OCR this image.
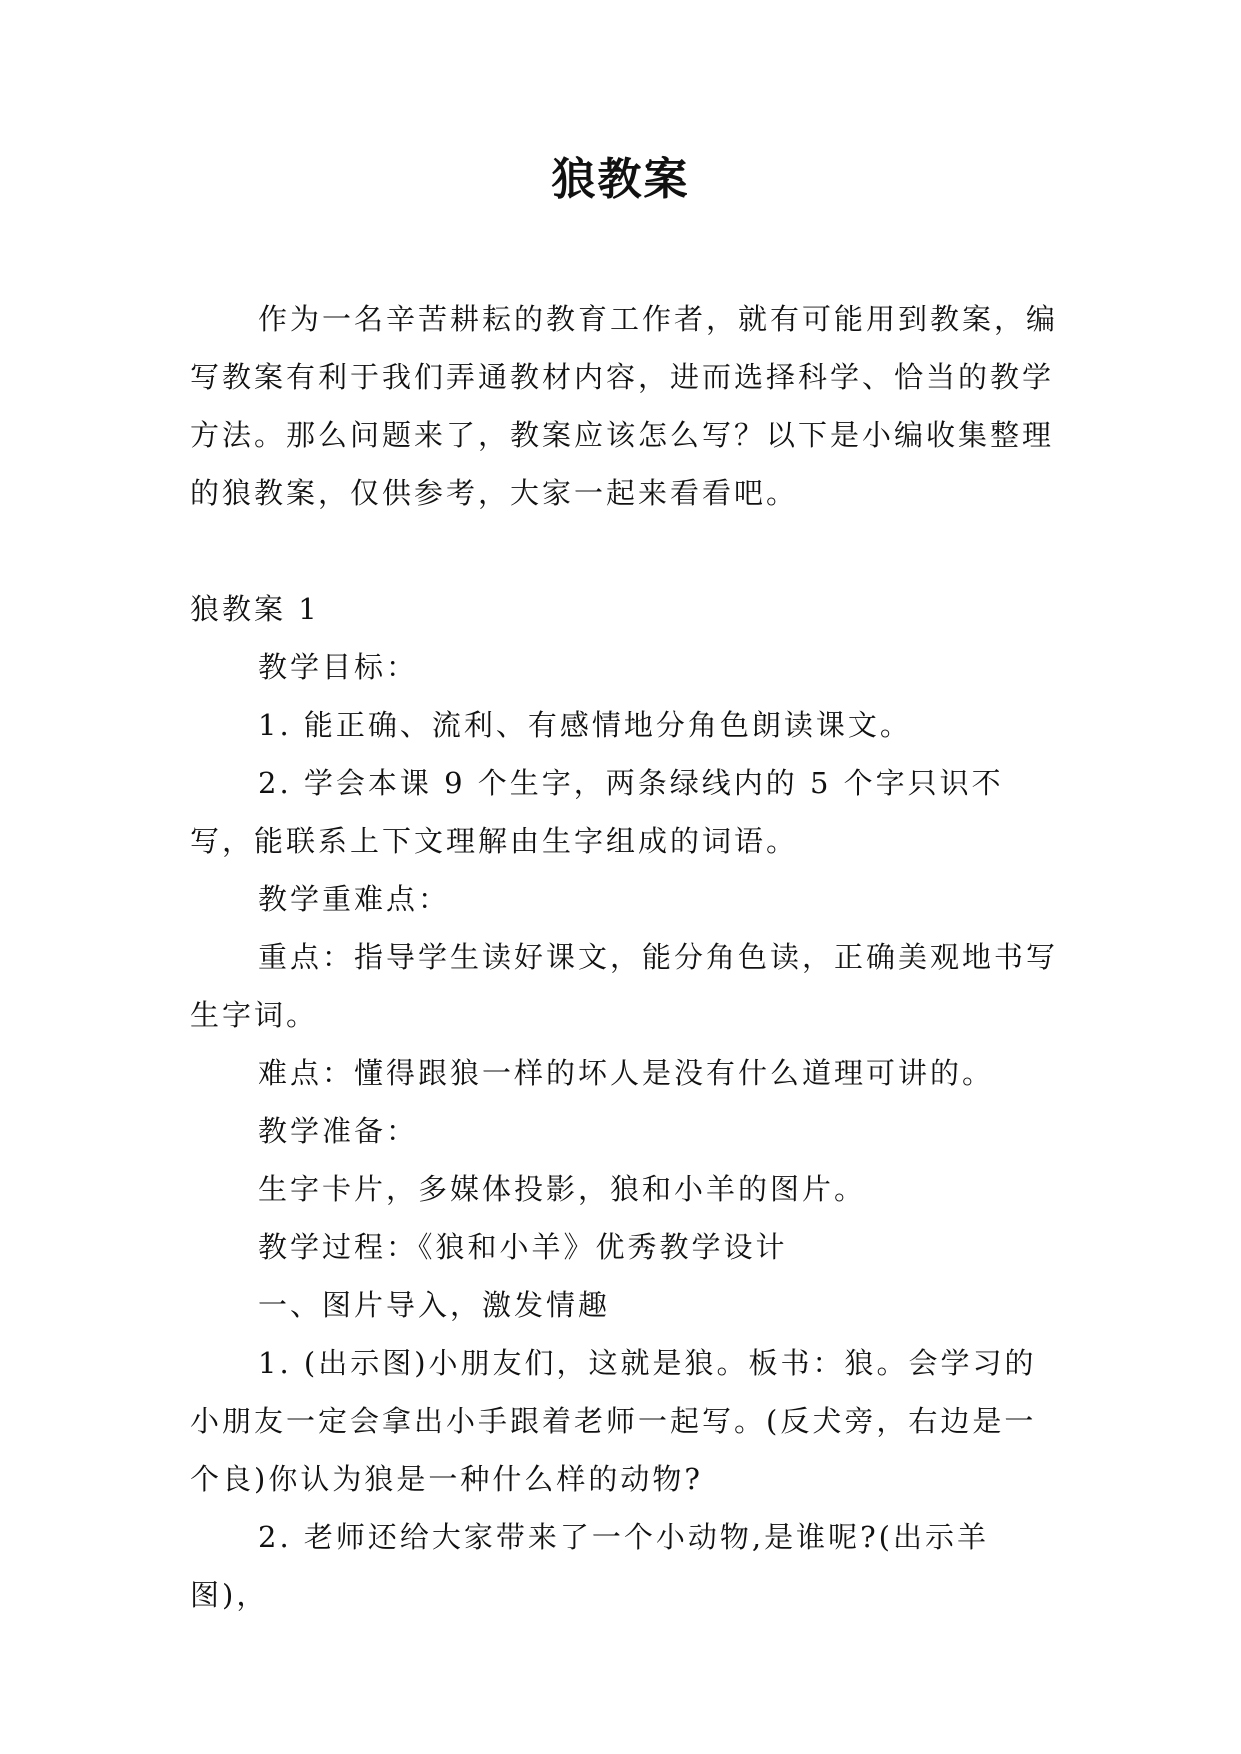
狼教案

作为一名辛苦耕耘的教育工作者，就有可能用到教案，编写教案有利于我们弄通教材内容，进而选择科学、恰当的教学方法。那么问题来了，教案应该怎么写？以下是小编收集整理的狼教案，仅供参考，大家一起来看看吧。

狼教案 1

教学目标：

1. 能正确、流利、有感情地分角色朗读课文。

2. 学会本课 9 个生字，两条绿线内的 5 个字只识不写，能联系上下文理解由生字组成的词语。

教学重难点：

重点：指导学生读好课文，能分角色读，正确美观地书写生字词。

难点：懂得跟狼一样的坏人是没有什么道理可讲的。

教学准备：

生字卡片，多媒体投影，狼和小羊的图片。

教学过程：《狼和小羊》优秀教学设计

一、图片导入，激发情趣

1. (出示图)小朋友们，这就是狼。板书：狼。会学习的小朋友一定会拿出小手跟着老师一起写。(反犬旁，右边是一个良)你认为狼是一种什么样的动物?

2. 老师还给大家带来了一个小动物,是谁呢?(出示羊图)，
